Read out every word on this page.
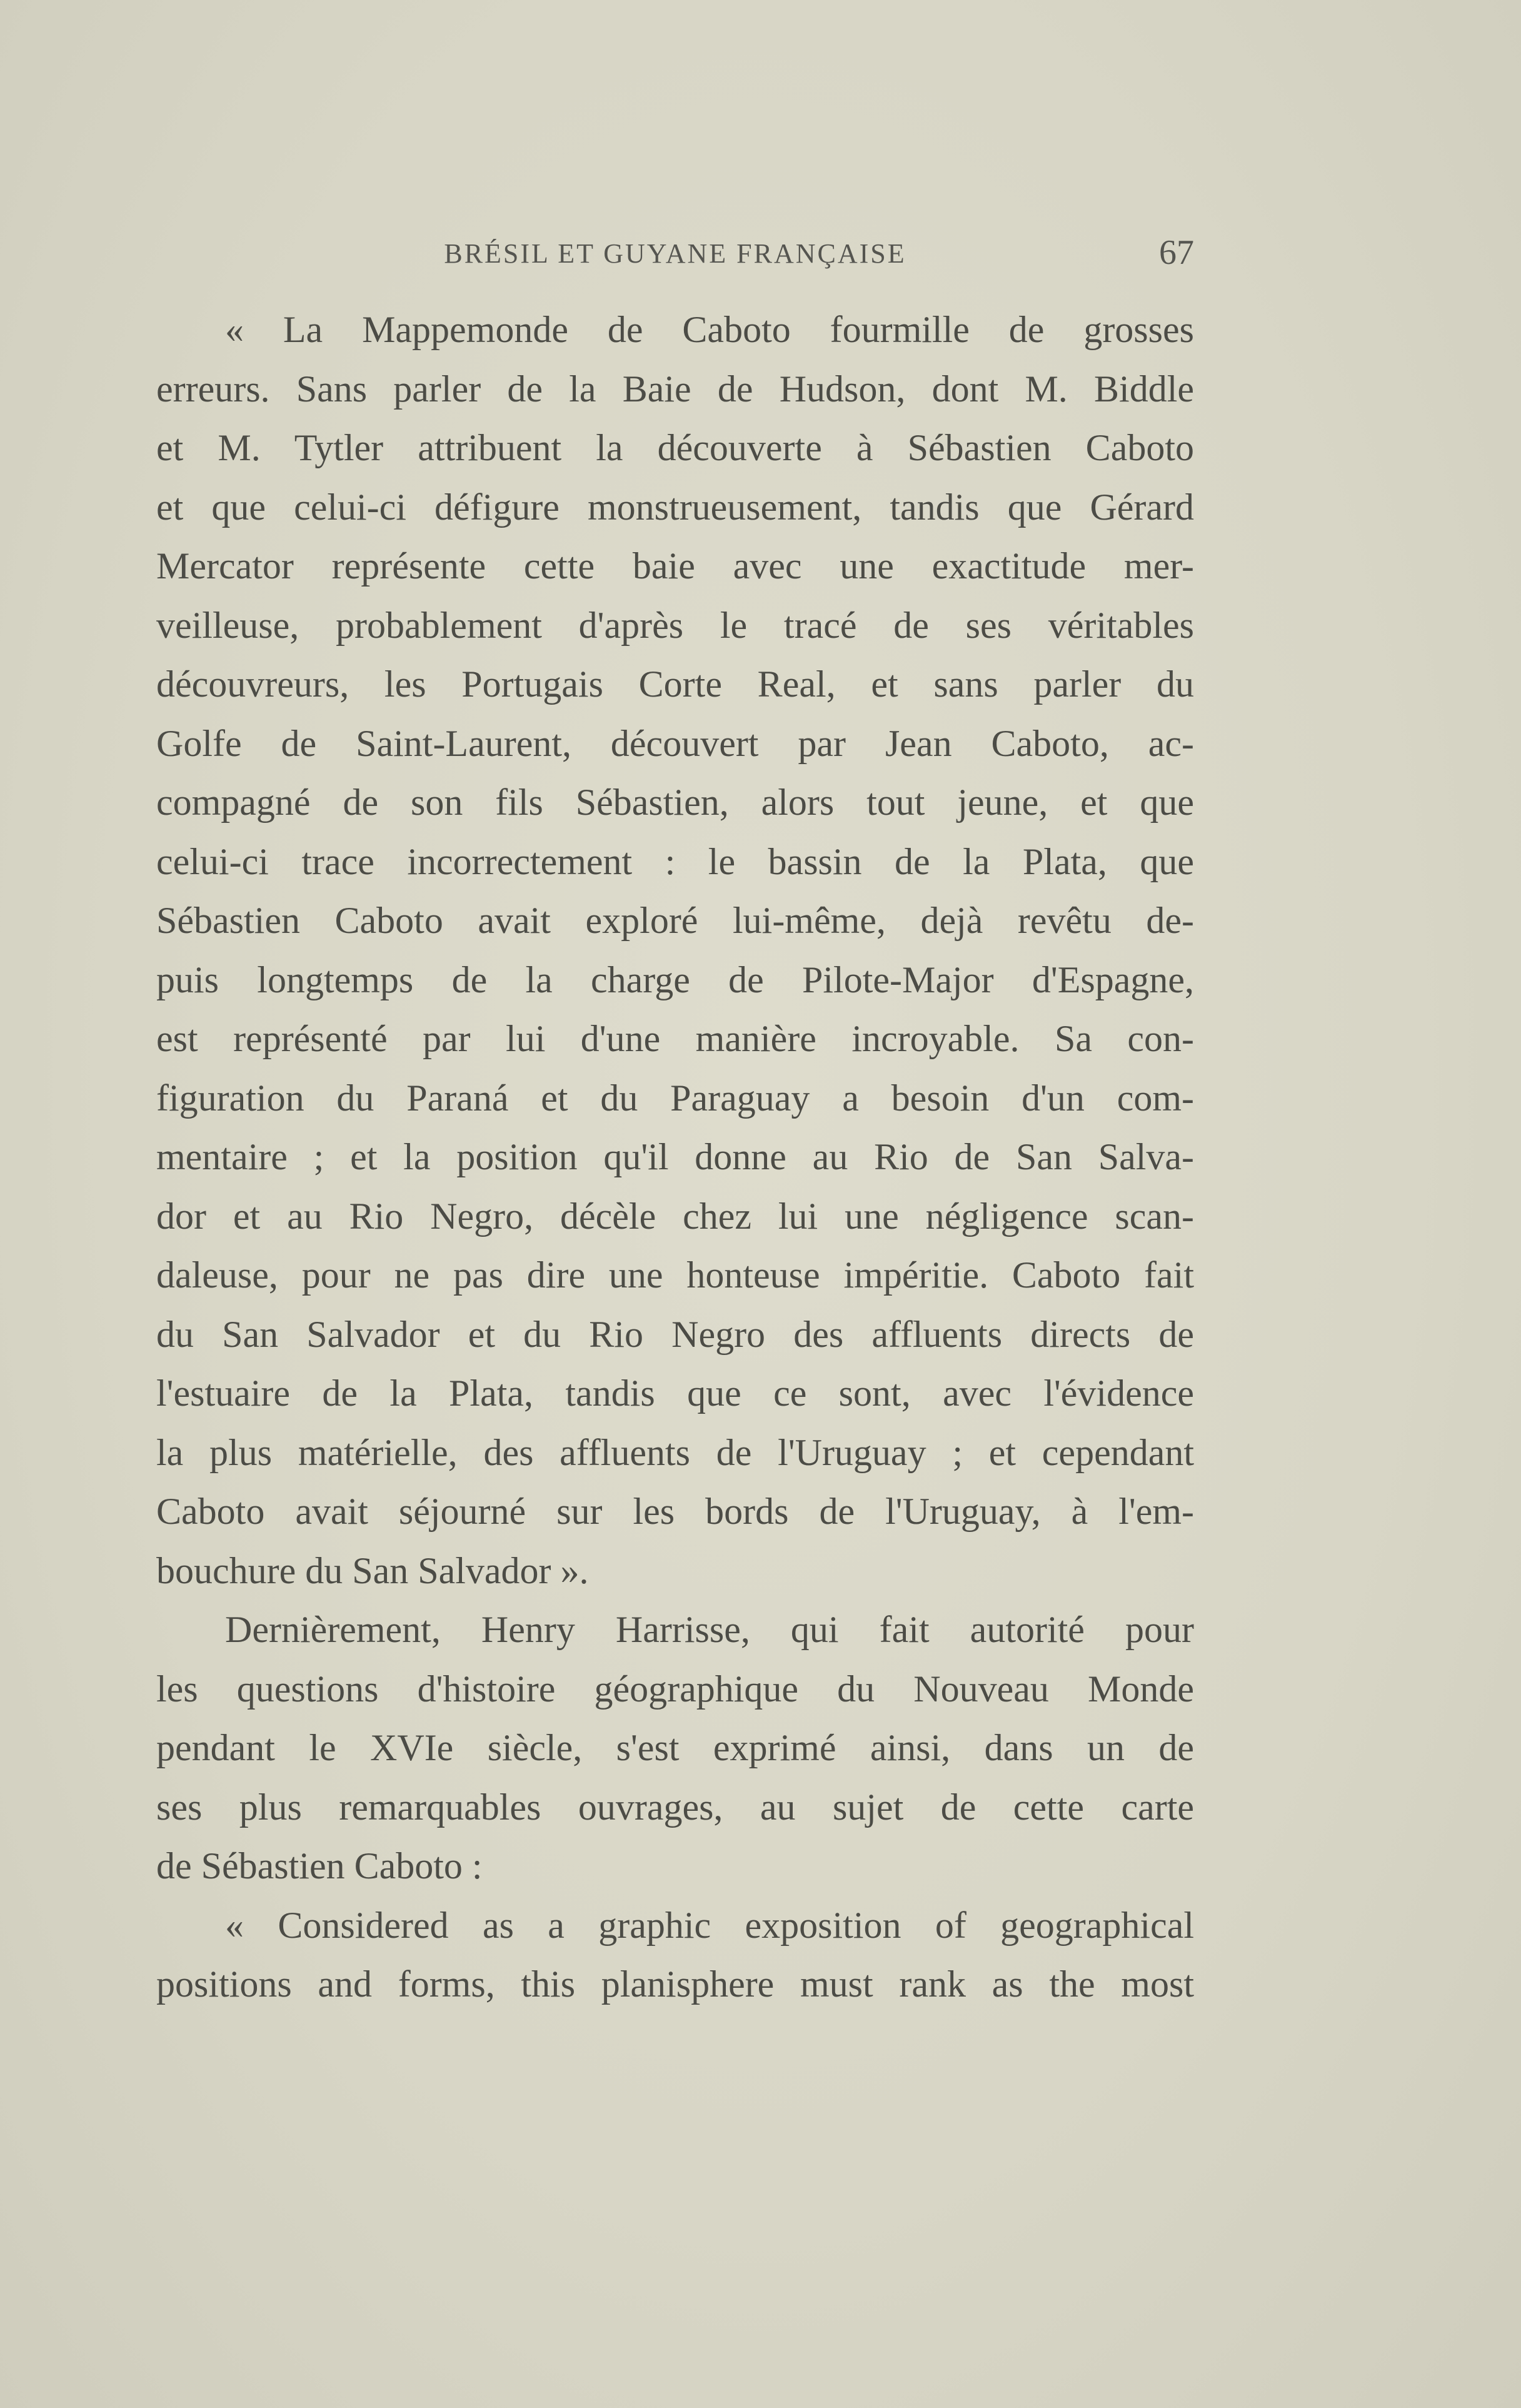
BRÉSIL ET GUYANE FRANÇAISE	67
« La Mappemonde de Caboto fourmille de grosses
erreurs. Sans parler de la Baie de Hudson, dont M. Biddle
et M. Tytler attribuent la découverte à Sébastien Caboto
et que celui-ci défigure monstrueusement, tandis que Gérard
Mercator représente cette baie avec une exactitude mer-
veilleuse, probablement d'après le tracé de ses véritables
découvreurs, les Portugais Corte Real, et sans parler du
Golfe de Saint-Laurent, découvert par Jean Caboto, ac-
compagné de son fils Sébastien, alors tout jeune, et que
celui-ci trace incorrectement : le bassin de la Plata, que
Sébastien Caboto avait exploré lui-même, dejà revêtu de-
puis longtemps de la charge de Pilote-Major d'Espagne,
est représenté par lui d'une manière incroyable. Sa con-
figuration du Paraná et du Paraguay a besoin d'un com-
mentaire ; et la position qu'il donne au Rio de San Salva-
dor et au Rio Negro, décèle chez lui une négligence scan-
daleuse, pour ne pas dire une honteuse impéritie. Caboto fait
du San Salvador et du Rio Negro des affluents directs de
l'estuaire de la Plata, tandis que ce sont, avec l'évidence
la plus matérielle, des affluents de l'Uruguay ; et cependant
Caboto avait séjourné sur les bords de l'Uruguay, à l'em-
bouchure du San Salvador ».
Dernièrement, Henry Harrisse, qui fait autorité pour
les questions d'histoire géographique du Nouveau Monde
pendant le XVIe siècle, s'est exprimé ainsi, dans un de
ses plus remarquables ouvrages, au sujet de cette carte
de Sébastien Caboto :
« Considered as a graphic exposition of geographical
positions and forms, this planisphere must rank as the most
